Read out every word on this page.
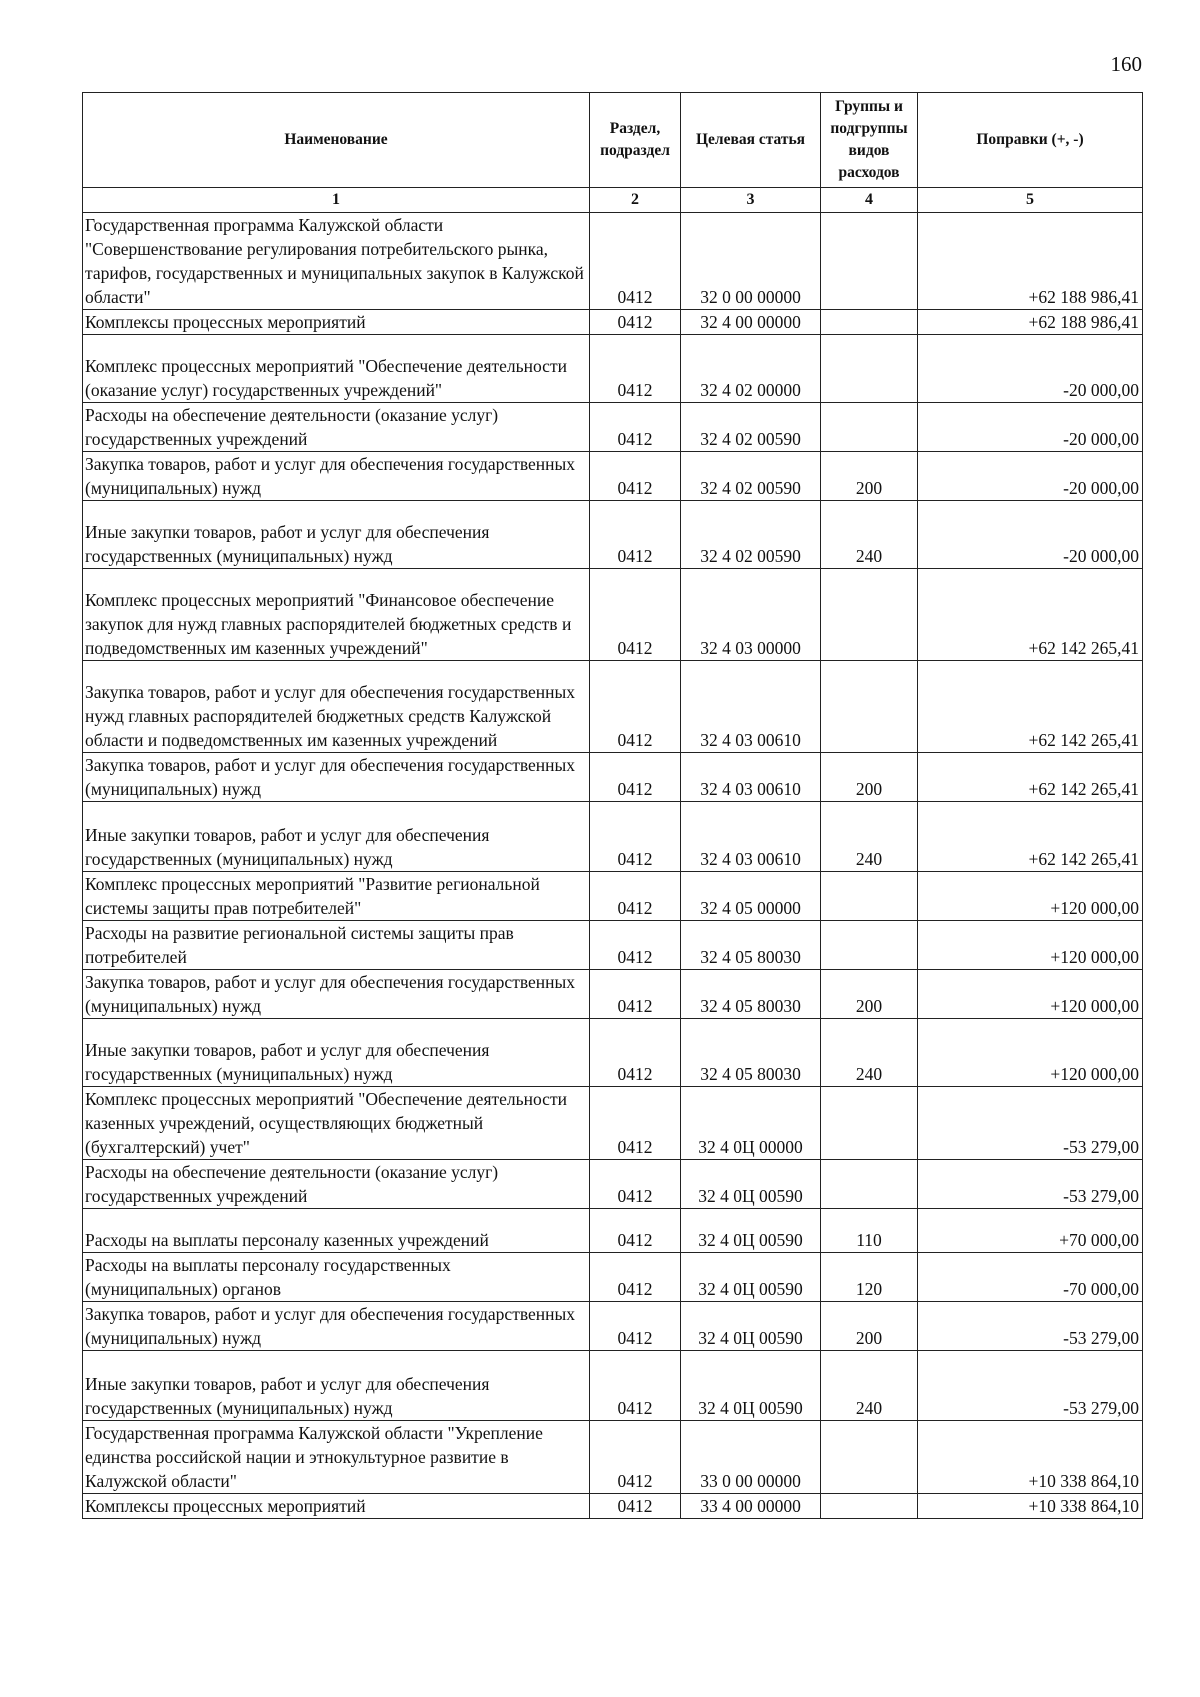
160
Наименование	Раздел, подраздел	Целевая статья	Группы и подгруппы видов расходов	Поправки (+, -)
1	2	3	4	5
Государственная программа Калужской области "Совершенствование регулирования потребительского рынка, тарифов, государственных и муниципальных закупок в Калужской области"	0412	32 0 00 00000		+62 188 986,41
Комплексы процессных мероприятий	0412	32 4 00 00000		+62 188 986,41
Комплекс процессных мероприятий "Обеспечение деятельности (оказание услуг) государственных учреждений"	0412	32 4 02 00000		-20 000,00
Расходы на обеспечение деятельности (оказание услуг) государственных учреждений	0412	32 4 02 00590		-20 000,00
Закупка товаров, работ и услуг для обеспечения государственных (муниципальных) нужд	0412	32 4 02 00590	200	-20 000,00
Иные закупки товаров, работ и услуг для обеспечения государственных (муниципальных) нужд	0412	32 4 02 00590	240	-20 000,00
Комплекс процессных мероприятий "Финансовое обеспечение закупок для нужд главных распорядителей бюджетных средств и подведомственных им казенных учреждений"	0412	32 4 03 00000		+62 142 265,41
Закупка товаров, работ и услуг для обеспечения государственных нужд главных распорядителей бюджетных средств Калужской области и подведомственных им казенных учреждений	0412	32 4 03 00610		+62 142 265,41
Закупка товаров, работ и услуг для обеспечения государственных (муниципальных) нужд	0412	32 4 03 00610	200	+62 142 265,41
Иные закупки товаров, работ и услуг для обеспечения государственных (муниципальных) нужд	0412	32 4 03 00610	240	+62 142 265,41
Комплекс процессных мероприятий "Развитие региональной системы защиты прав потребителей"	0412	32 4 05 00000		+120 000,00
Расходы на развитие региональной системы защиты прав потребителей	0412	32 4 05 80030		+120 000,00
Закупка товаров, работ и услуг для обеспечения государственных (муниципальных) нужд	0412	32 4 05 80030	200	+120 000,00
Иные закупки товаров, работ и услуг для обеспечения государственных (муниципальных) нужд	0412	32 4 05 80030	240	+120 000,00
Комплекс процессных мероприятий "Обеспечение деятельности казенных учреждений, осуществляющих бюджетный (бухгалтерский) учет"	0412	32 4 0Ц 00000		-53 279,00
Расходы на обеспечение деятельности (оказание услуг) государственных учреждений	0412	32 4 0Ц 00590		-53 279,00
Расходы на выплаты персоналу казенных учреждений	0412	32 4 0Ц 00590	110	+70 000,00
Расходы на выплаты персоналу государственных (муниципальных) органов	0412	32 4 0Ц 00590	120	-70 000,00
Закупка товаров, работ и услуг для обеспечения государственных (муниципальных) нужд	0412	32 4 0Ц 00590	200	-53 279,00
Иные закупки товаров, работ и услуг для обеспечения государственных (муниципальных) нужд	0412	32 4 0Ц 00590	240	-53 279,00
Государственная программа Калужской области "Укрепление единства российской нации и этнокультурное развитие в Калужской области"	0412	33 0 00 00000		+10 338 864,10
Комплексы процессных мероприятий	0412	33 4 00 00000		+10 338 864,10
